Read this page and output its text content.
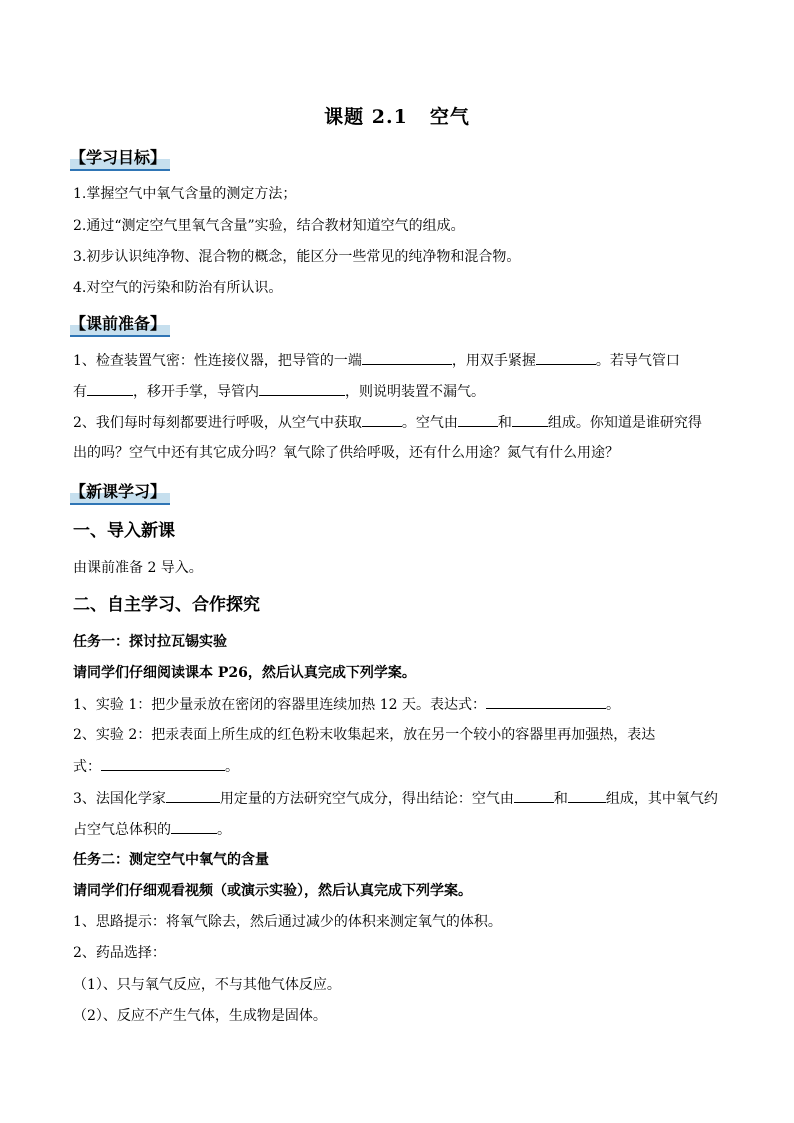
课题 2.1 空气
【学习目标】
1.掌握空气中氧气含量的测定方法；
2.通过“测定空气里氧气含量”实验，结合教材知道空气的组成。
3.初步认识纯净物、混合物的概念，能区分一些常见的纯净物和混合物。
4.对空气的污染和防治有所认识。
【课前准备】
1、检查装置气密：性连接仪器，把导管的一端	，用双手紧握	。若导气管口
有	，移开手掌，导管内	，则说明装置不漏气。
2、我们每时每刻都要进行呼吸，从空气中获取	。空气由	和	组成。你知道是谁研究得
出的吗？空气中还有其它成分吗？氧气除了供给呼吸，还有什么用途？氮气有什么用途？
【新课学习】
一、导入新课
由课前准备 2 导入。
二、自主学习、合作探究
任务一：探讨拉瓦锡实验
请同学们仔细阅读课本 P26，然后认真完成下列学案。
1、实验 1：把少量汞放在密闭的容器里连续加热 12 天。表达式：	。
2、实验 2：把汞表面上所生成的红色粉末收集起来，放在另一个较小的容器里再加强热，表达
式：	。
3、法国化学家	用定量的方法研究空气成分，得出结论：空气由	和	组成，其中氧气约
占空气总体积的	。
任务二：测定空气中氧气的含量
请同学们仔细观看视频（或演示实验），然后认真完成下列学案。
1、思路提示：将氧气除去，然后通过减少的体积来测定氧气的体积。
2、药品选择：
（1）、只与氧气反应，不与其他气体反应。
（2）、反应不产生气体，生成物是固体。
